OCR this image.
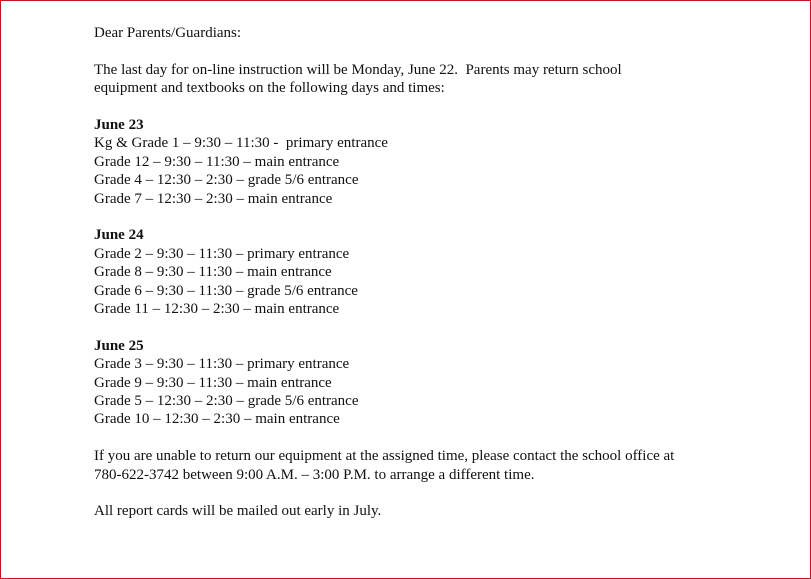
Dear Parents/Guardians:

The last day for on-line instruction will be Monday, June 22.  Parents may return school
equipment and textbooks on the following days and times:

June 23
Kg & Grade 1 – 9:30 – 11:30 -  primary entrance
Grade 12 – 9:30 – 11:30 – main entrance
Grade 4 – 12:30 – 2:30 – grade 5/6 entrance
Grade 7 – 12:30 – 2:30 – main entrance
June 24
Grade 2 – 9:30 – 11:30 – primary entrance
Grade 8 – 9:30 – 11:30 – main entrance
Grade 6 – 9:30 – 11:30 – grade 5/6 entrance
Grade 11 – 12:30 – 2:30 – main entrance
June 25
Grade 3 – 9:30 – 11:30 – primary entrance
Grade 9 – 9:30 – 11:30 – main entrance
Grade 5 – 12:30 – 2:30 – grade 5/6 entrance
Grade 10 – 12:30 – 2:30 – main entrance

If you are unable to return our equipment at the assigned time, please contact the school office at
780-622-3742 between 9:00 A.M. – 3:00 P.M. to arrange a different time.

All report cards will be mailed out early in July.
